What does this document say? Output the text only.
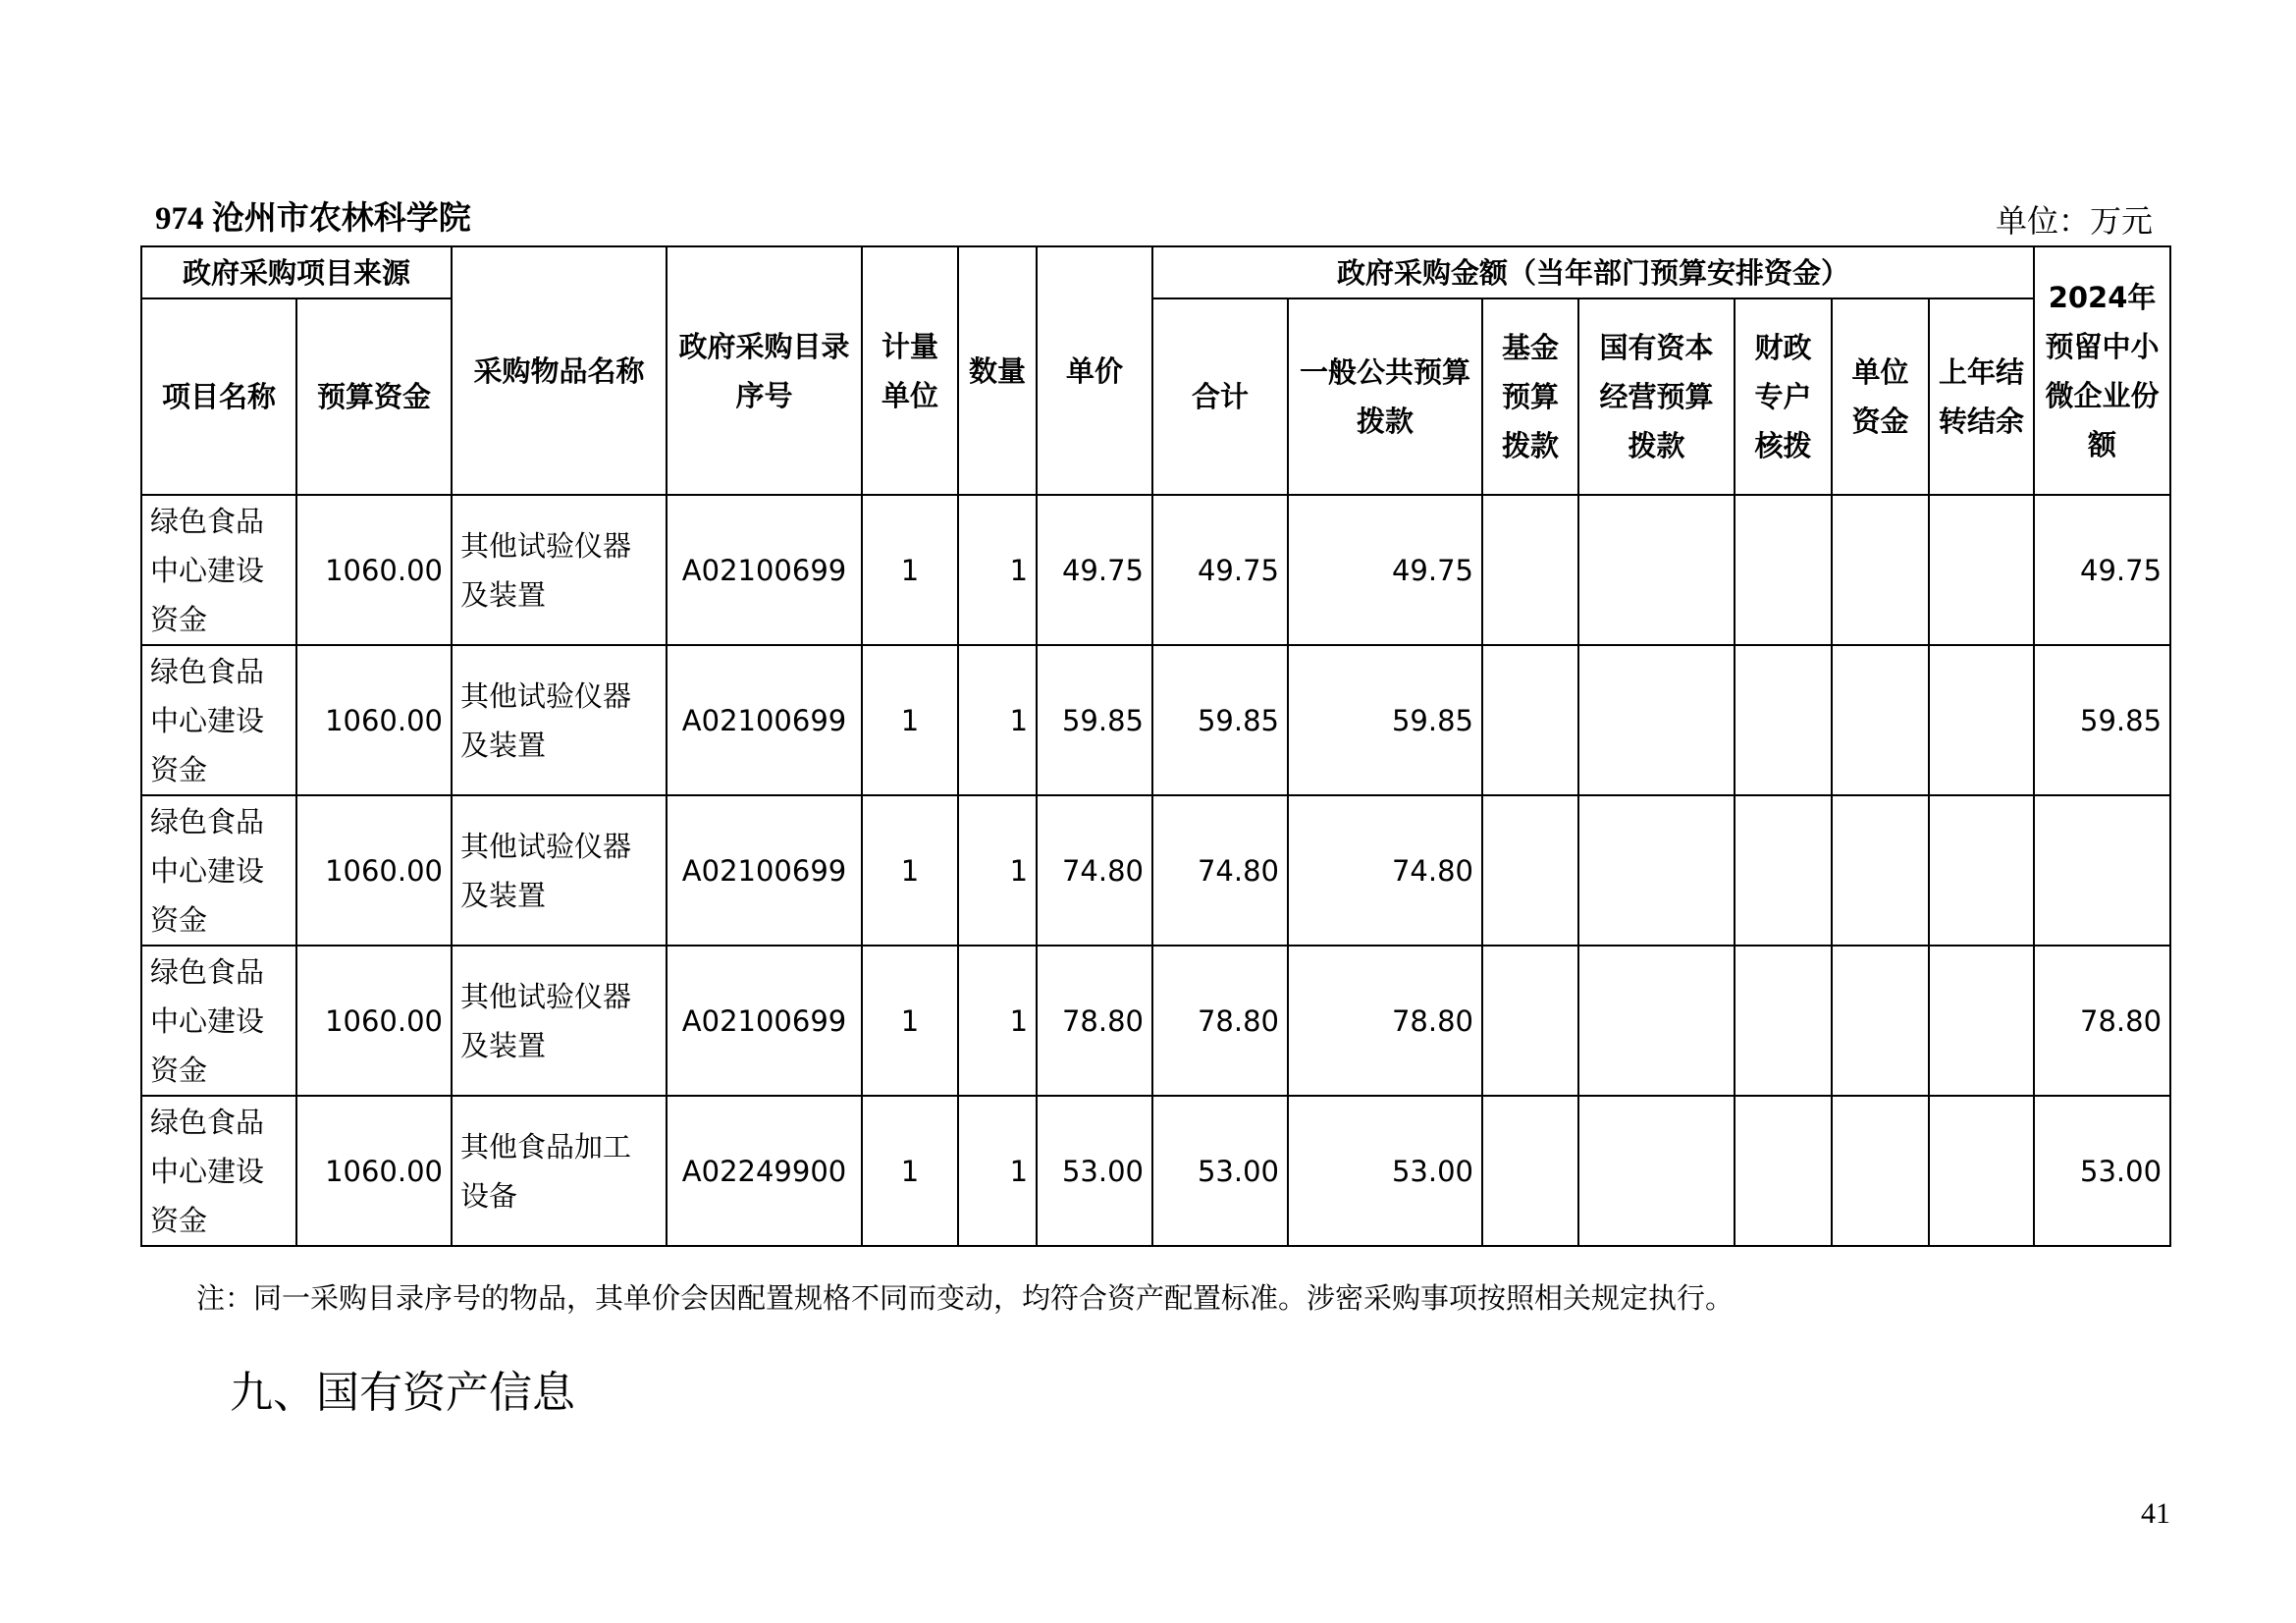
974 沧州市农林科学院	单位：万元
政府采购项目来源		采购物品名称	政府采购目录序号	计量单位	数量	单价	政府采购金额（当年部门预算安排资金）							2024年预留中小微企业份额
项目名称	预算资金						合计	一般公共预算拨款	基金预算拨款	国有资本经营预算拨款	财政专户核拨	单位资金	上年结转结余	
绿色食品中心建设资金	1060.00	其他试验仪器及装置	A02100699	1	1	49.75	49.75	49.75						49.75
绿色食品中心建设资金	1060.00	其他试验仪器及装置	A02100699	1	1	59.85	59.85	59.85						59.85
绿色食品中心建设资金	1060.00	其他试验仪器及装置	A02100699	1	1	74.80	74.80	74.80						
绿色食品中心建设资金	1060.00	其他试验仪器及装置	A02100699	1	1	78.80	78.80	78.80						78.80
绿色食品中心建设资金	1060.00	其他食品加工设备	A02249900	1	1	53.00	53.00	53.00						53.00
注：同一采购目录序号的物品，其单价会因配置规格不同而变动，均符合资产配置标准。涉密采购事项按照相关规定执行。
九、国有资产信息
41
